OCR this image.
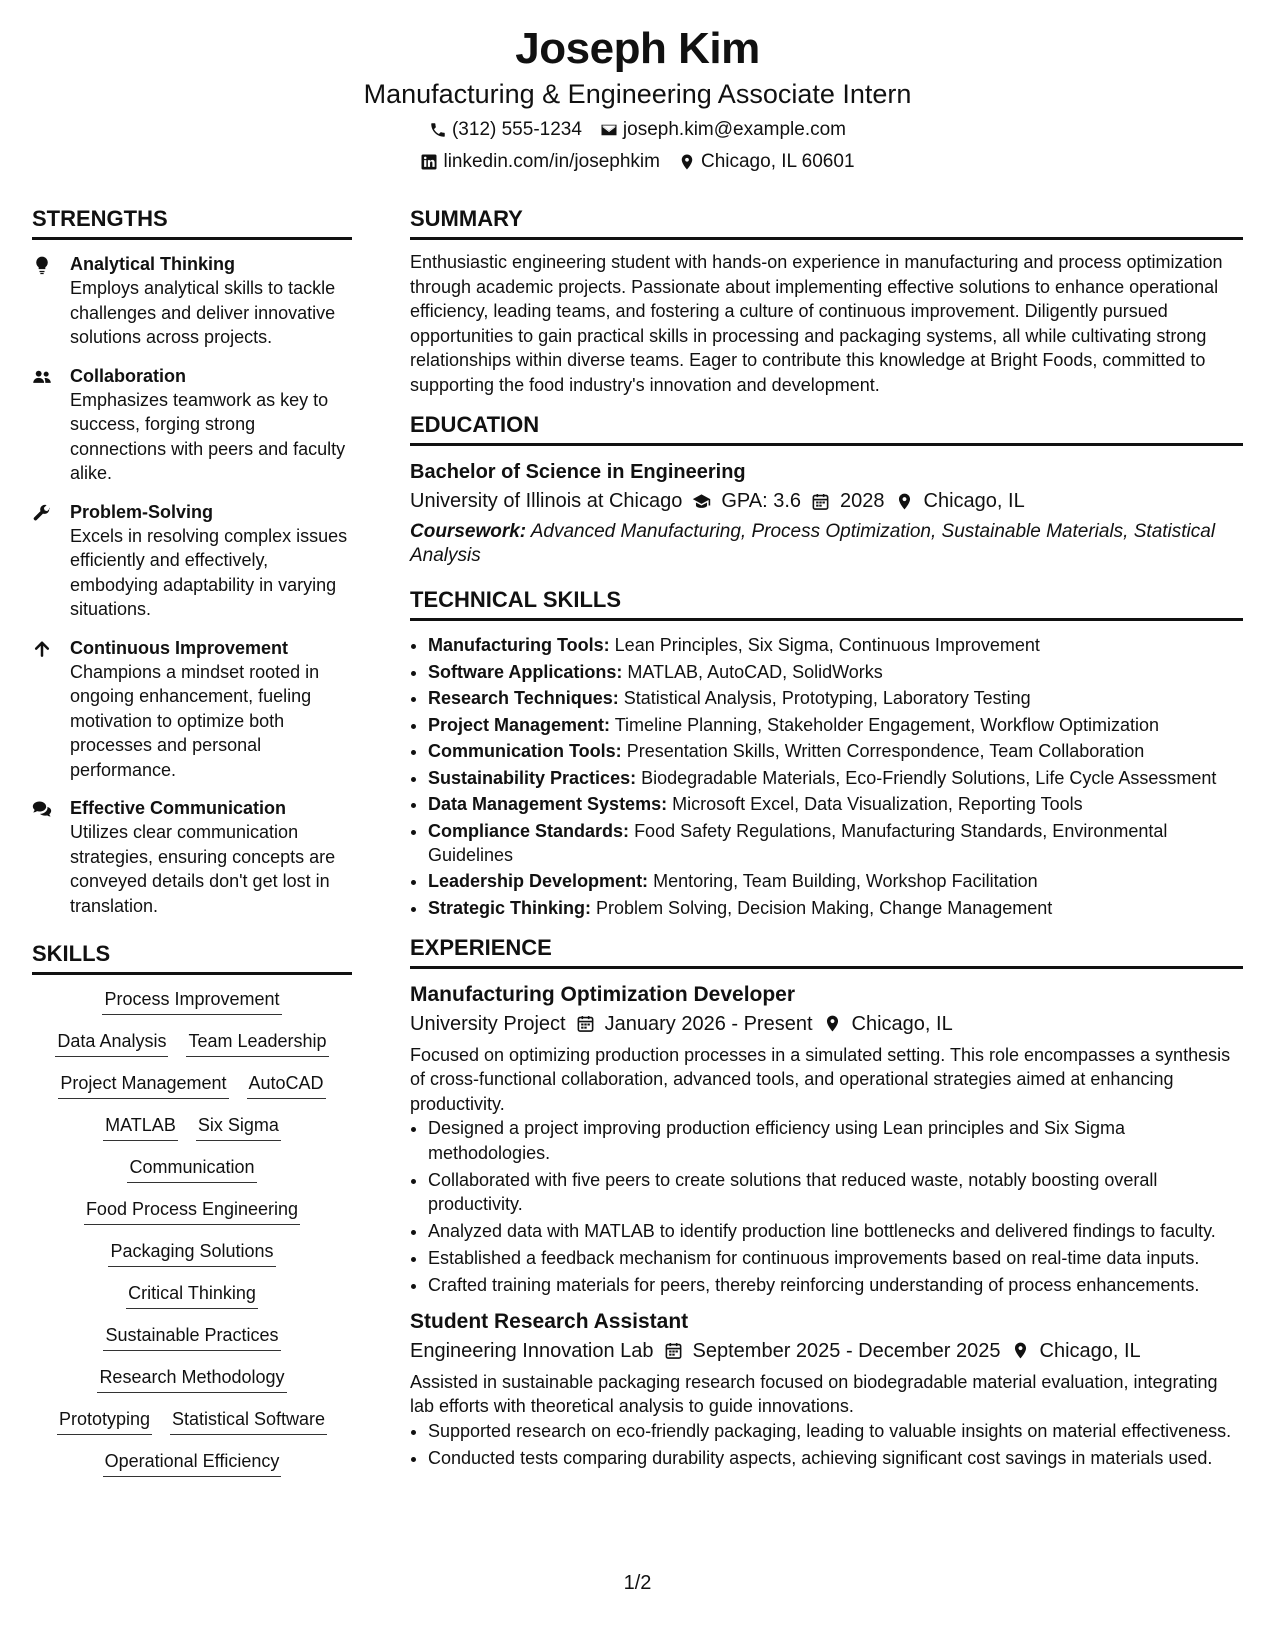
Joseph Kim
Manufacturing & Engineering Associate Intern
(312) 555-1234 joseph.kim@example.com
linkedin.com/in/josephkim Chicago, IL 60601
STRENGTHS
Analytical Thinking
Employs analytical skills to tackle challenges and deliver innovative solutions across projects.
Collaboration
Emphasizes teamwork as key to success, forging strong connections with peers and faculty alike.
Problem-Solving
Excels in resolving complex issues efficiently and effectively, embodying adaptability in varying situations.
Continuous Improvement
Champions a mindset rooted in ongoing enhancement, fueling motivation to optimize both processes and personal performance.
Effective Communication
Utilizes clear communication strategies, ensuring concepts are conveyed details don't get lost in translation.
SKILLS
Process Improvement
Data Analysis Team Leadership
Project Management AutoCAD
MATLAB Six Sigma
Communication
Food Process Engineering
Packaging Solutions
Critical Thinking
Sustainable Practices
Research Methodology
Prototyping Statistical Software
Operational Efficiency
SUMMARY
Enthusiastic engineering student with hands-on experience in manufacturing and process optimization through academic projects. Passionate about implementing effective solutions to enhance operational efficiency, leading teams, and fostering a culture of continuous improvement. Diligently pursued opportunities to gain practical skills in processing and packaging systems, all while cultivating strong relationships within diverse teams. Eager to contribute this knowledge at Bright Foods, committed to supporting the food industry's innovation and development.
EDUCATION
Bachelor of Science in Engineering
University of Illinois at Chicago GPA: 3.6 2028 Chicago, IL
Coursework: Advanced Manufacturing, Process Optimization, Sustainable Materials, Statistical Analysis
TECHNICAL SKILLS
• Manufacturing Tools: Lean Principles, Six Sigma, Continuous Improvement
• Software Applications: MATLAB, AutoCAD, SolidWorks
• Research Techniques: Statistical Analysis, Prototyping, Laboratory Testing
• Project Management: Timeline Planning, Stakeholder Engagement, Workflow Optimization
• Communication Tools: Presentation Skills, Written Correspondence, Team Collaboration
• Sustainability Practices: Biodegradable Materials, Eco-Friendly Solutions, Life Cycle Assessment
• Data Management Systems: Microsoft Excel, Data Visualization, Reporting Tools
• Compliance Standards: Food Safety Regulations, Manufacturing Standards, Environmental Guidelines
• Leadership Development: Mentoring, Team Building, Workshop Facilitation
• Strategic Thinking: Problem Solving, Decision Making, Change Management
EXPERIENCE
Manufacturing Optimization Developer
University Project January 2026 - Present Chicago, IL
Focused on optimizing production processes in a simulated setting. This role encompasses a synthesis of cross-functional collaboration, advanced tools, and operational strategies aimed at enhancing productivity.
• Designed a project improving production efficiency using Lean principles and Six Sigma methodologies.
• Collaborated with five peers to create solutions that reduced waste, notably boosting overall productivity.
• Analyzed data with MATLAB to identify production line bottlenecks and delivered findings to faculty.
• Established a feedback mechanism for continuous improvements based on real-time data inputs.
• Crafted training materials for peers, thereby reinforcing understanding of process enhancements.
Student Research Assistant
Engineering Innovation Lab September 2025 - December 2025 Chicago, IL
Assisted in sustainable packaging research focused on biodegradable material evaluation, integrating lab efforts with theoretical analysis to guide innovations.
• Supported research on eco-friendly packaging, leading to valuable insights on material effectiveness.
• Conducted tests comparing durability aspects, achieving significant cost savings in materials used.
1/2
